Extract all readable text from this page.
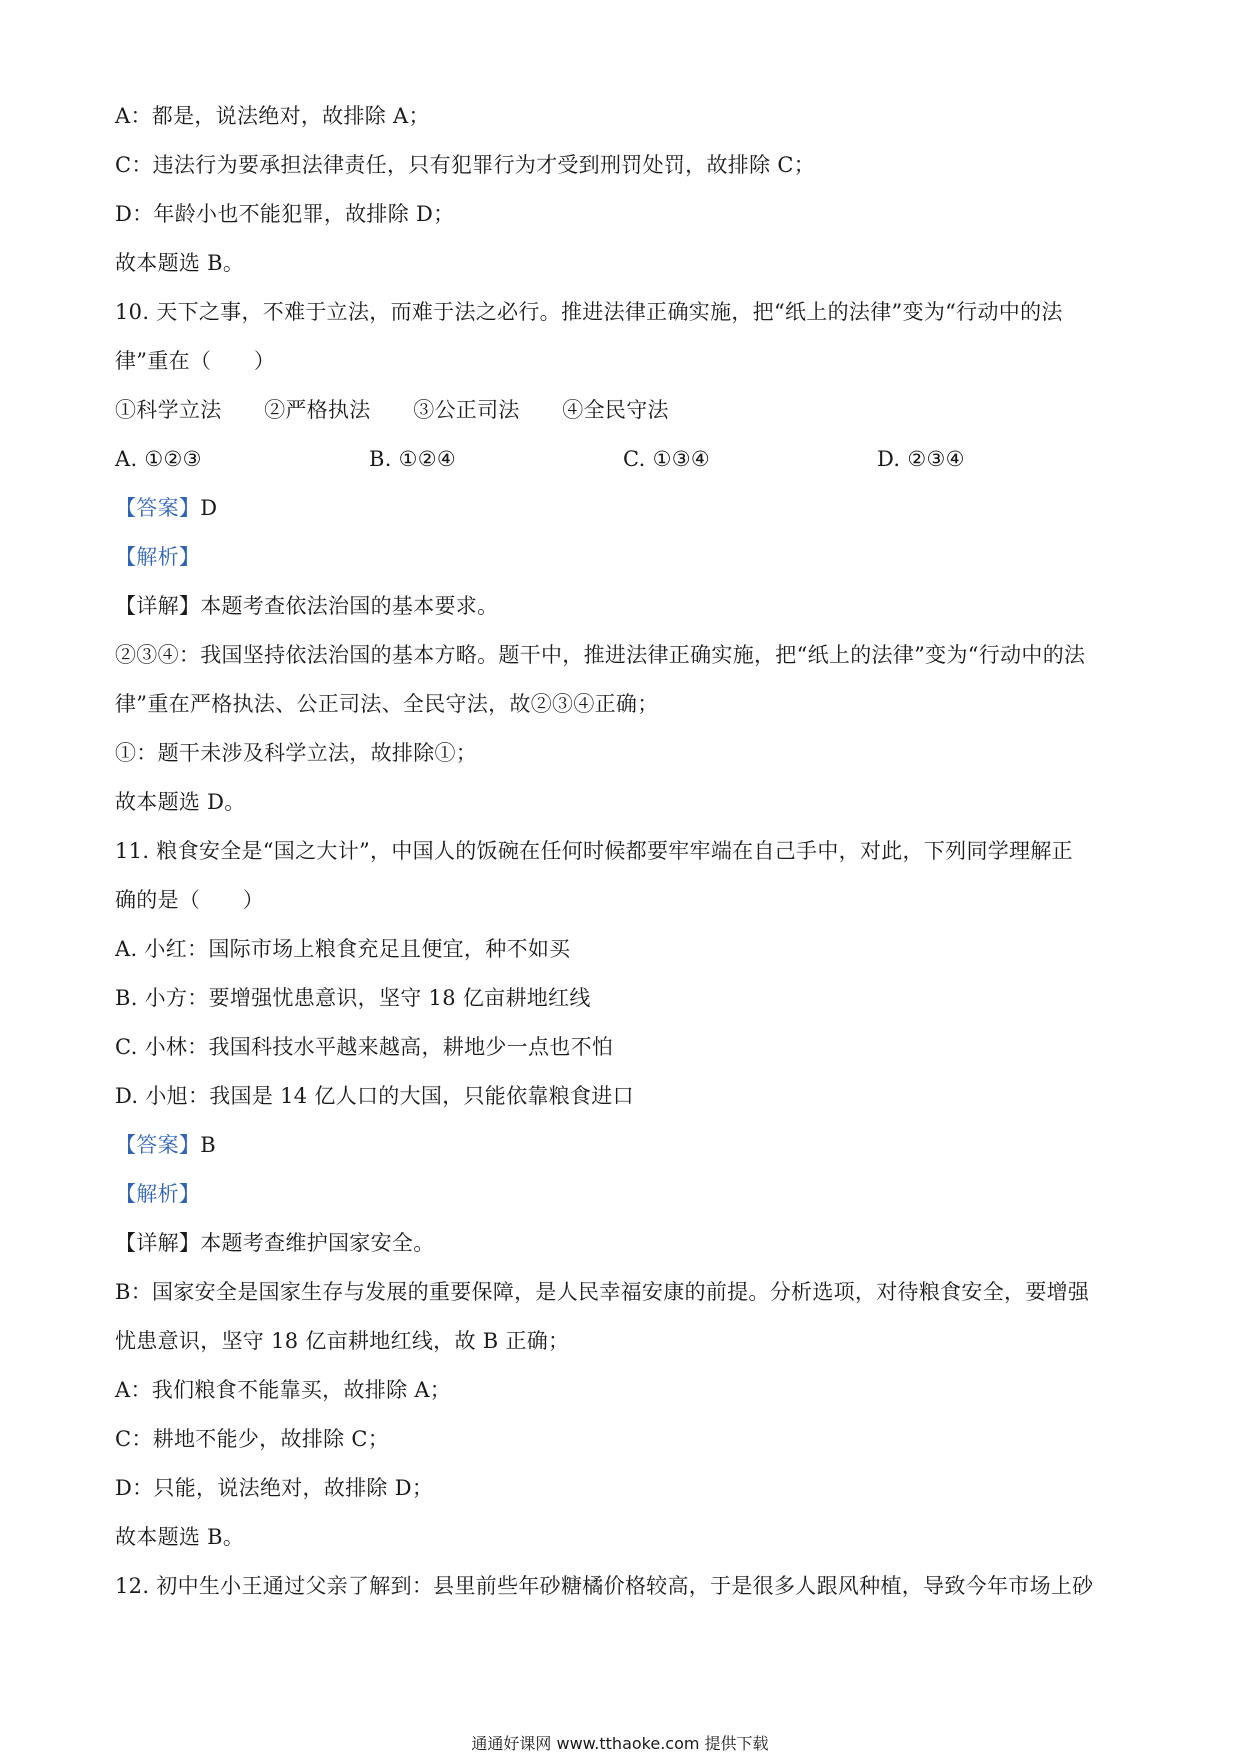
A：都是，说法绝对，故排除 A；
C：违法行为要承担法律责任，只有犯罪行为才受到刑罚处罚，故排除 C；
D：年龄小也不能犯罪，故排除 D；
故本题选 B。
10. 天下之事，不难于立法，而难于法之必行。推进法律正确实施，把“纸上的法律”变为“行动中的法
律”重在（　　）
①科学立法　　②严格执法　　③公正司法　　④全民守法
A. ①②③	B. ①②④	C. ①③④	D. ②③④
【答案】D
【解析】
【详解】本题考查依法治国的基本要求。
②③④：我国坚持依法治国的基本方略。题干中，推进法律正确实施，把“纸上的法律”变为“行动中的法
律”重在严格执法、公正司法、全民守法，故②③④正确；
①：题干未涉及科学立法，故排除①；
故本题选 D。
11. 粮食安全是“国之大计”，中国人的饭碗在任何时候都要牢牢端在自己手中，对此，下列同学理解正
确的是（　　）
A. 小红：国际市场上粮食充足且便宜，种不如买
B. 小方：要增强忧患意识，坚守 18 亿亩耕地红线
C. 小林：我国科技水平越来越高，耕地少一点也不怕
D. 小旭：我国是 14 亿人口的大国，只能依靠粮食进口
【答案】B
【解析】
【详解】本题考查维护国家安全。
B：国家安全是国家生存与发展的重要保障，是人民幸福安康的前提。分析选项，对待粮食安全，要增强
忧患意识，坚守 18 亿亩耕地红线，故 B 正确；
A：我们粮食不能靠买，故排除 A；
C：耕地不能少，故排除 C；
D：只能，说法绝对，故排除 D；
故本题选 B。
12. 初中生小王通过父亲了解到：县里前些年砂糖橘价格较高，于是很多人跟风种植，导致今年市场上砂
通通好课网 www.tthaoke.com 提供下载
